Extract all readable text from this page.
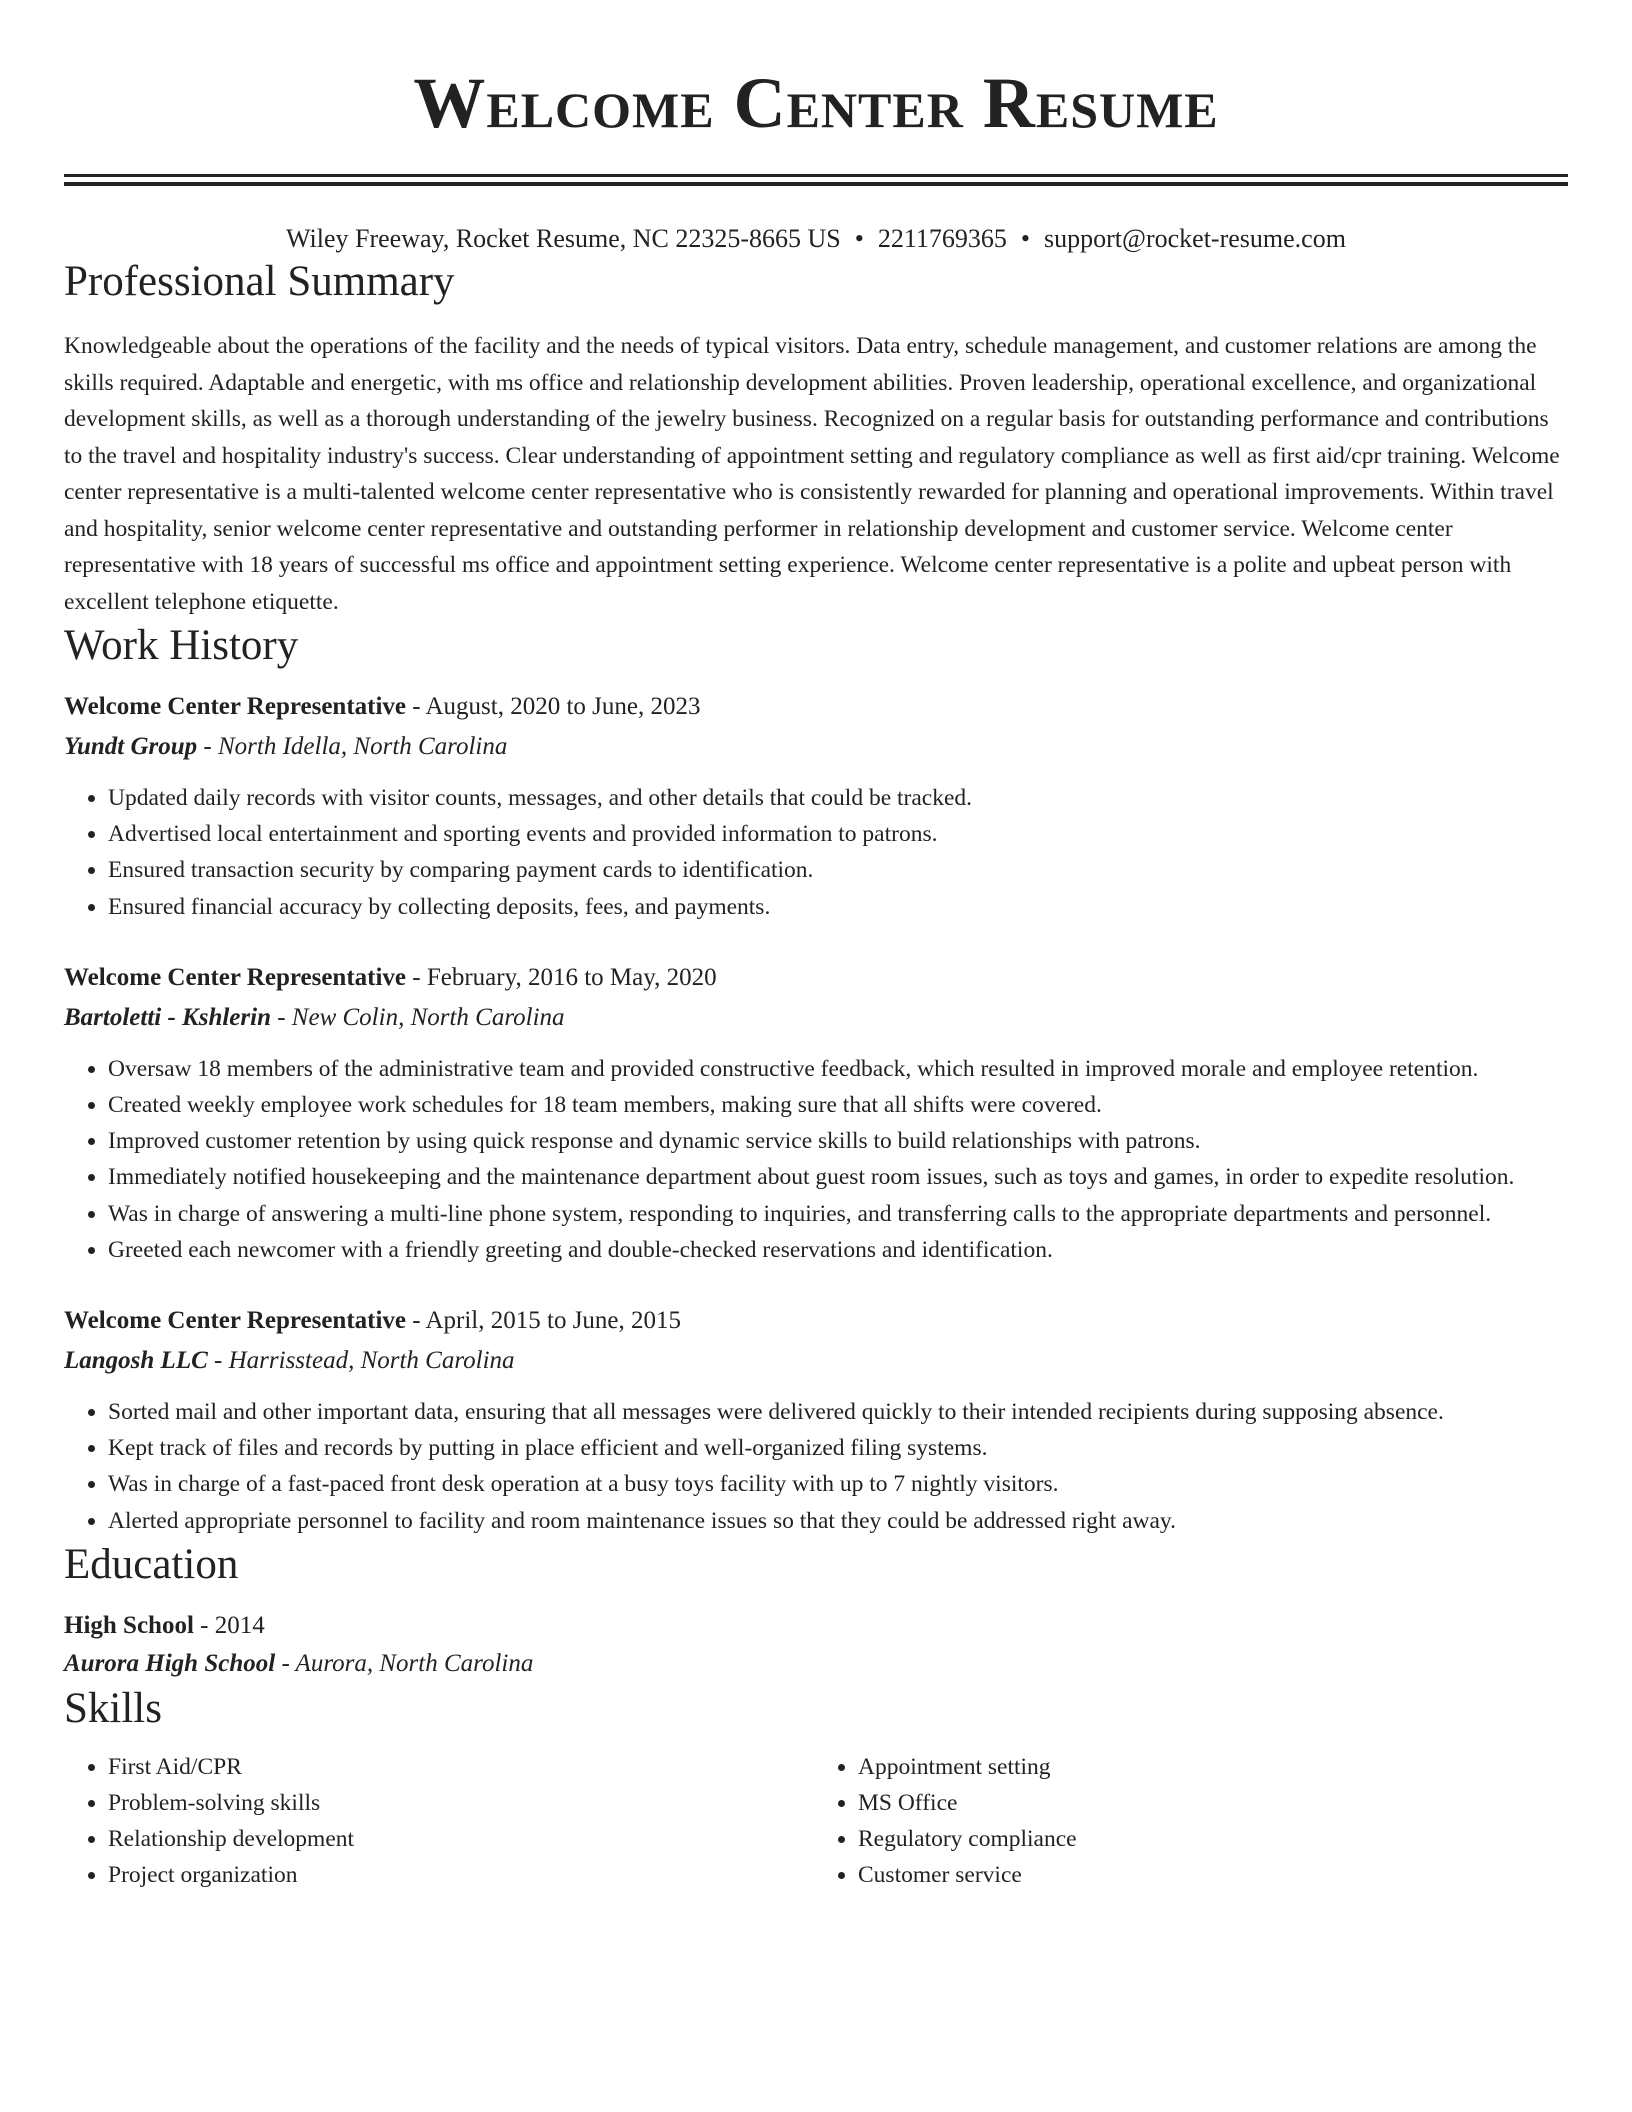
Welcome Center Resume
Wiley Freeway, Rocket Resume, NC 22325-8665 US • 2211769365 • support@rocket-resume.com
Professional Summary

Knowledgeable about the operations of the facility and the needs of typical visitors. Data entry, schedule management, and customer relations are among the skills required. Adaptable and energetic, with ms office and relationship development abilities. Proven leadership, operational excellence, and organizational development skills, as well as a thorough understanding of the jewelry business. Recognized on a regular basis for outstanding performance and contributions to the travel and hospitality industry's success. Clear understanding of appointment setting and regulatory compliance as well as first aid/cpr training. Welcome center representative is a multi-talented welcome center representative who is consistently rewarded for planning and operational improvements. Within travel and hospitality, senior welcome center representative and outstanding performer in relationship development and customer service. Welcome center representative with 18 years of successful ms office and appointment setting experience. Welcome center representative is a polite and upbeat person with excellent telephone etiquette.

Work History

Welcome Center Representative - August, 2020 to June, 2023

Yundt Group - North Idella, North Carolina

• Updated daily records with visitor counts, messages, and other details that could be tracked.
• Advertised local entertainment and sporting events and provided information to patrons.
• Ensured transaction security by comparing payment cards to identification.
• Ensured financial accuracy by collecting deposits, fees, and payments.

Welcome Center Representative - February, 2016 to May, 2020

Bartoletti - Kshlerin - New Colin, North Carolina

• Oversaw 18 members of the administrative team and provided constructive feedback, which resulted in improved morale and employee retention.
• Created weekly employee work schedules for 18 team members, making sure that all shifts were covered.
• Improved customer retention by using quick response and dynamic service skills to build relationships with patrons.
• Immediately notified housekeeping and the maintenance department about guest room issues, such as toys and games, in order to expedite resolution.
• Was in charge of answering a multi-line phone system, responding to inquiries, and transferring calls to the appropriate departments and personnel.
• Greeted each newcomer with a friendly greeting and double-checked reservations and identification.

Welcome Center Representative - April, 2015 to June, 2015

Langosh LLC - Harrisstead, North Carolina

• Sorted mail and other important data, ensuring that all messages were delivered quickly to their intended recipients during supposing absence.
• Kept track of files and records by putting in place efficient and well-organized filing systems.
• Was in charge of a fast-paced front desk operation at a busy toys facility with up to 7 nightly visitors.
• Alerted appropriate personnel to facility and room maintenance issues so that they could be addressed right away.
Education

High School - 2014

Aurora High School - Aurora, North Carolina

Skills
• First Aid/CPR
• Problem-solving skills
• Relationship development
• Project organization
• Appointment setting
• MS Office
• Regulatory compliance
• Customer service
